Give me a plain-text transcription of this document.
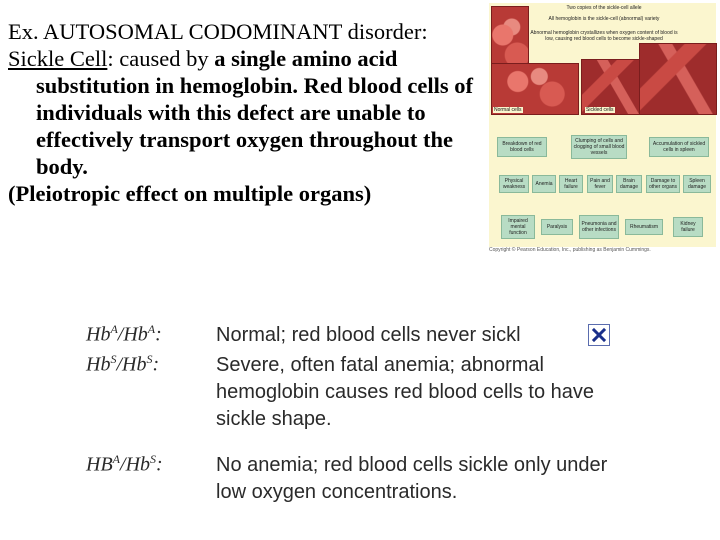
Ex. AUTOSOMAL CODOMINANT disorder:

Sickle Cell: caused by a single amino acid substitution in hemoglobin. Red blood cells of individuals with this defect are unable to effectively transport oxygen throughout the body.

(Pleiotropic effect on multiple organs)

Two copies of the sickle-cell allele
All hemoglobin is the sickle-cell (abnormal) variety
Abnormal hemoglobin crystallizes when oxygen content of blood is low, causing red blood cells to become sickle-shaped
Normal cells	Sickled cells
Breakdown of red blood cells
Clumping of cells and clogging of small blood vessels
Accumulation of sickled cells in spleen
Physical weakness	Anemia	Heart failure
Pain and fever
Brain damage
Damage to other organs
Spleen damage
Impaired mental function
Paralysis	Pneumonia and other infections	Rheumatism	Kidney failure
Copyright © Pearson Education, Inc., publishing as Benjamin Cummings.
$Hb^A/Hb^A$:	Normal; red blood cells never sickl
$Hb^S/Hb^S$:	Severe, often fatal anemia; abnormal hemoglobin causes red blood cells to have sickle shape.
$HB^A/Hb^S$:	No anemia; red blood cells sickle only under low oxygen concentrations.
